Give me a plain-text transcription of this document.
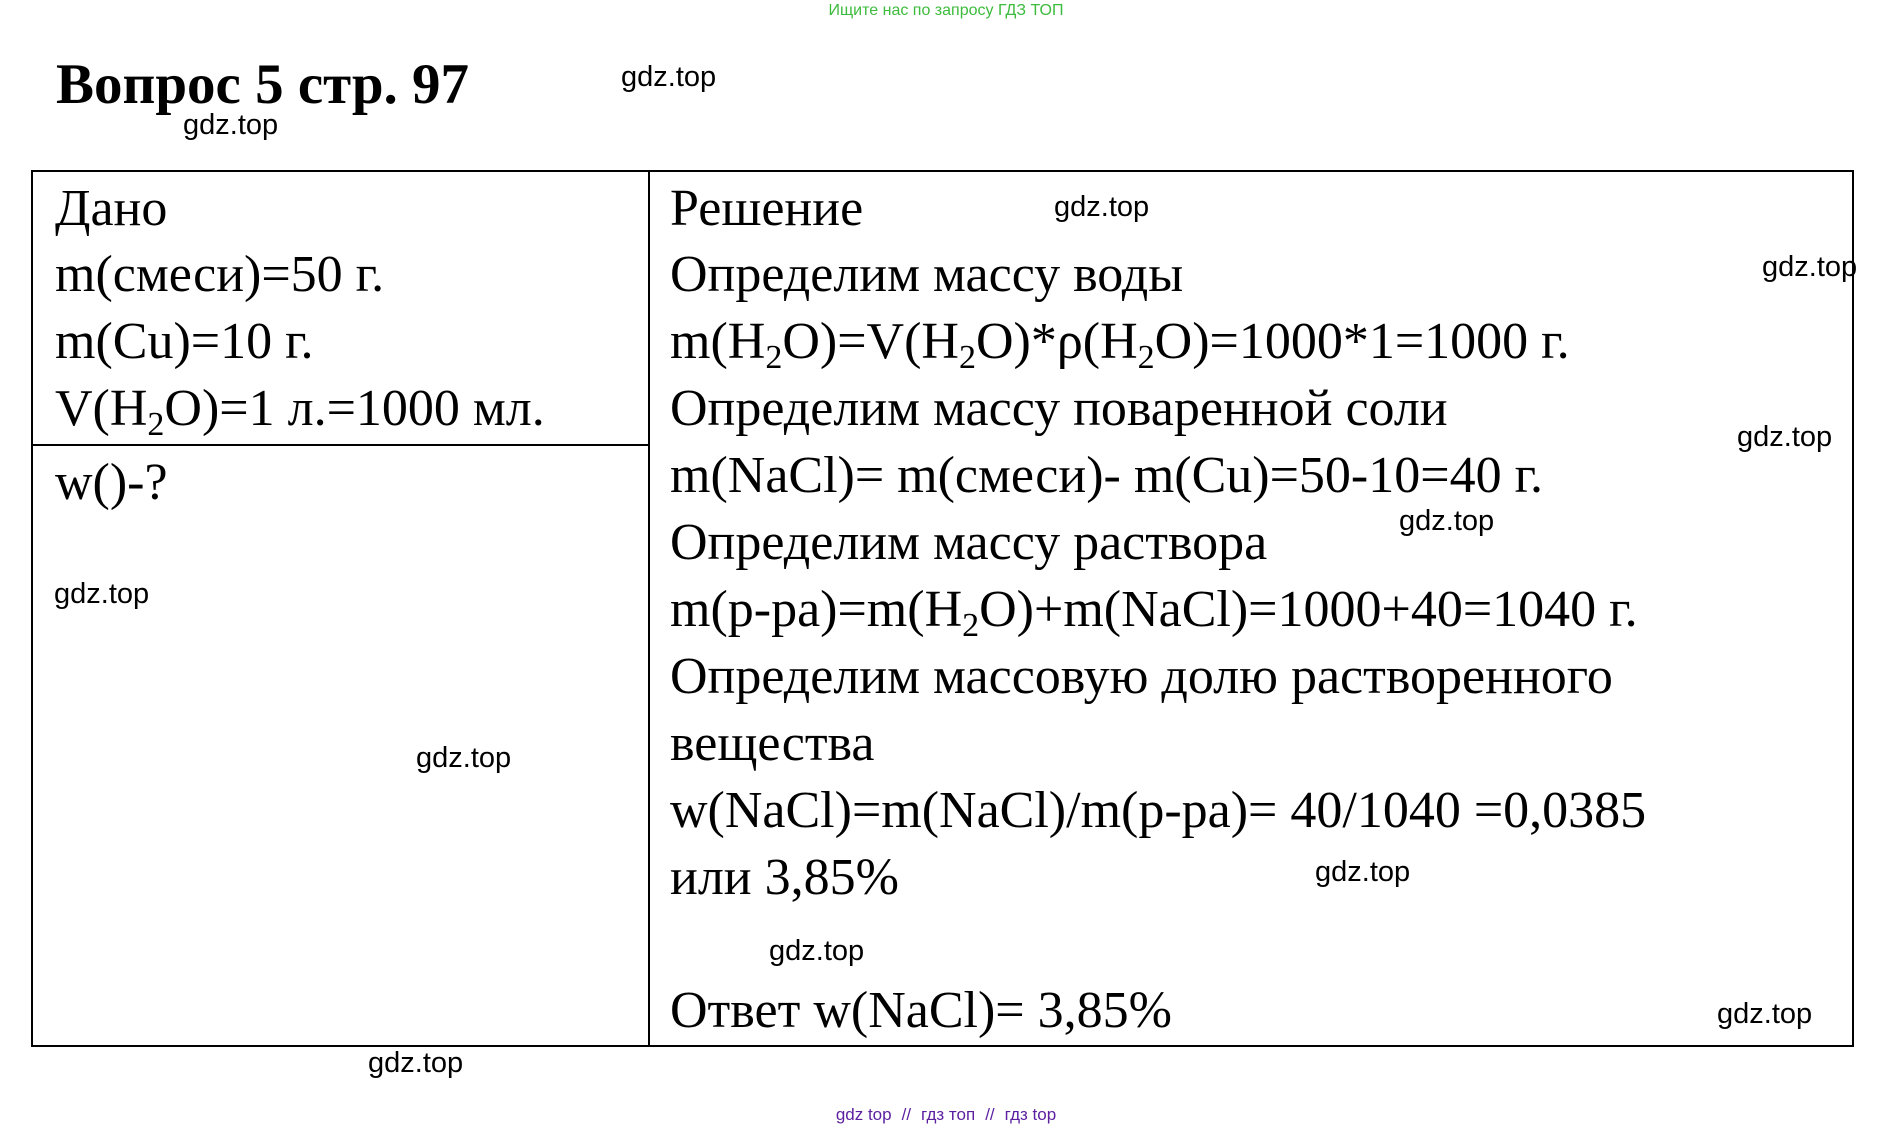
Ищите нас по запросу ГДЗ ТОП
Вопрос 5 стр. 97	gdz.top
gdz.top
gdz.top
gdz.top
gdz.top
gdz.top
gdz.top
gdz.top
gdz.top
gdz.top
gdz.top
gdz.top
Дано
m(смеси)=50 г.
m(Cu)=10 г.
$V(H_2O)=1$ л.=1000 мл.
w()-?
Решение
Определим массу воды
$m(H_2O)=V(H_2O)*\rho(H_2O)=1000*1=1000$ г.
Определим массу поваренной соли
m(NaCl)= m(смеси)- m(Cu)=50-10=40 г.
Определим массу раствора
$m(р-ра)=m(H_2O)+m(NaCl)=1000+40=1040$ г.
Определим массовую долю растворенного
вещества
w(NaCl)=m(NaCl)/m(р-ра)= 40/1040 =0,0385
или 3,85%
Ответ w(NaCl)= 3,85%
gdz top // гдз топ // гдз top
